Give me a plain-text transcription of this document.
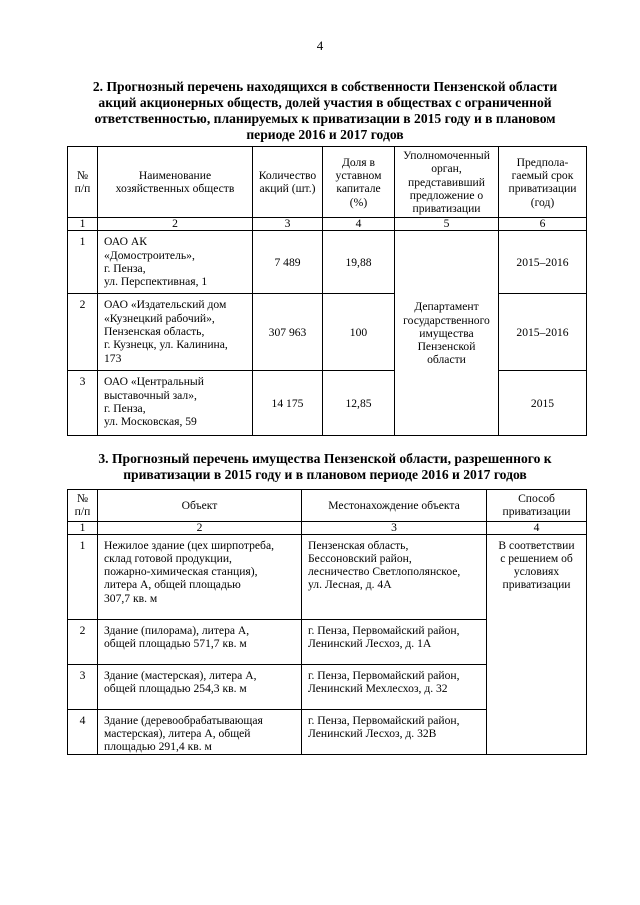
4
2. Прогнозный перечень находящихся в собственности Пензенской области
акций акционерных обществ, долей участия в обществах с ограниченной
ответственностью, планируемых к приватизации в 2015 году и в плановом
периоде 2016 и 2017 годов
№
п/п	Наименование
хозяйственных обществ	Количество
акций (шт.)	Доля в
уставном
капитале
(%)	Уполномоченный
орган,
представивший
предложение о
приватизации	Предпола-
гаемый срок
приватизации
(год)

1	2	3	4	5	6
1	ОАО АК
«Домостроитель»,
г. Пенза,
ул. Перспективная, 1	7 489	19,88	Департамент
государственного
имущества
Пензенской
области	2015–2016
2	ОАО «Издательский дом
«Кузнецкий рабочий»,
Пензенская область,
г. Кузнецк, ул. Калинина,
173	307 963	100		2015–2016
3	ОАО «Центральный
выставочный зал»,
г. Пенза,
ул. Московская, 59	14 175	12,85		2015
3. Прогнозный перечень имущества Пензенской области, разрешенного к
приватизации в 2015 году и в плановом периоде 2016 и 2017 годов
№
п/п	Объект	Местонахождение объекта	Способ
приватизации

1	2	3	4
1	Нежилое здание (цех ширпотреба,
склад готовой продукции,
пожарно-химическая станция),
литера А, общей площадью
307,7 кв. м	Пензенская область,
Бессоновский район,
лесничество Светлополянское,
ул. Лесная, д. 4А	В соответствии
с решением об
условиях
приватизации

2	Здание (пилорама), литера А,
общей площадью 571,7 кв. м	г. Пенза, Первомайский район,
Ленинский Лесхоз, д. 1А	

3	Здание (мастерская), литера А,
общей площадью 254,3 кв. м	г. Пенза, Первомайский район,
Ленинский Мехлесхоз, д. 32	

4	Здание (деревообрабатывающая
мастерская), литера А, общей
площадью 291,4 кв. м	г. Пенза, Первомайский район,
Ленинский Лесхоз, д. 32В	
